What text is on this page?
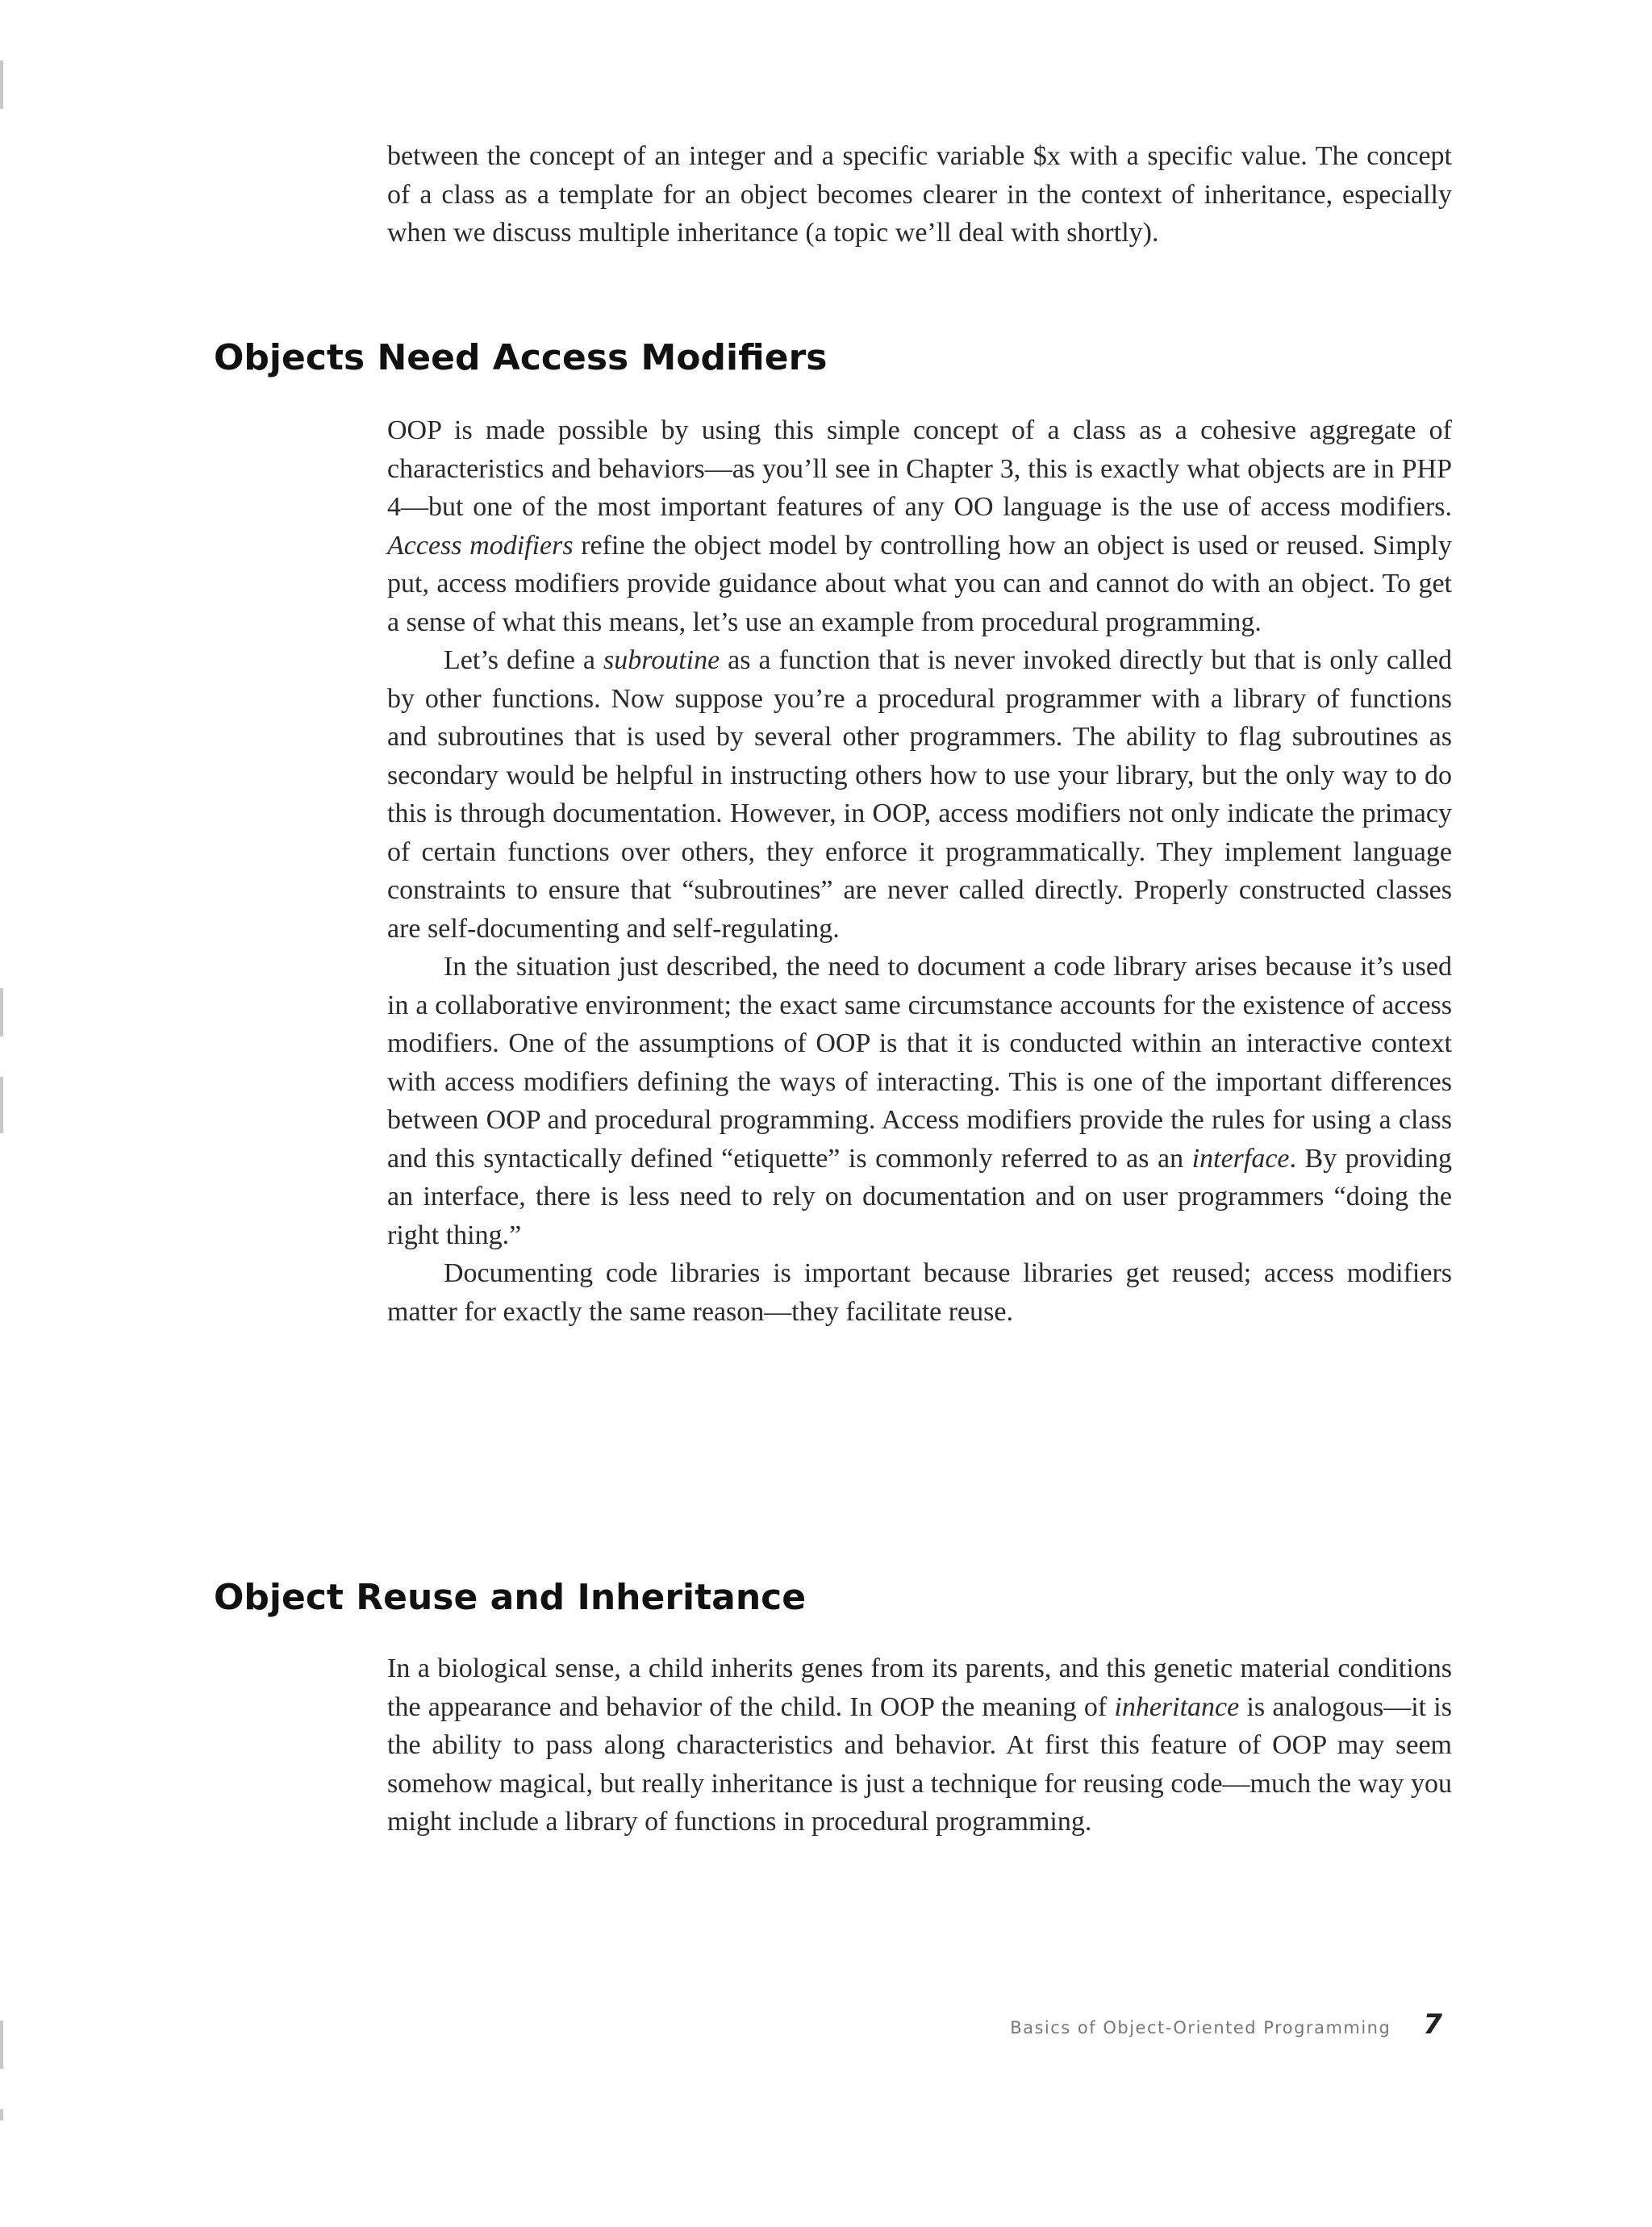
between the concept of an integer and a specific variable $x with a specific value. The concept of a class as a template for an object becomes clearer in the context of inheritance, especially when we discuss multiple inheritance (a topic we’ll deal with shortly).

Objects Need Access Modifiers

OOP is made possible by using this simple concept of a class as a cohesive aggregate of characteristics and behaviors—as you’ll see in Chapter 3, this is exactly what objects are in PHP 4—but one of the most important features of any OO language is the use of access modifiers. Access modifiers refine the object model by controlling how an object is used or reused. Simply put, access modifiers provide guidance about what you can and cannot do with an object. To get a sense of what this means, let’s use an example from procedural programming.

Let’s define a subroutine as a function that is never invoked directly but that is only called by other functions. Now suppose you’re a procedural programmer with a library of functions and subroutines that is used by several other programmers. The ability to flag subroutines as secondary would be helpful in instructing others how to use your library, but the only way to do this is through documentation. However, in OOP, access modifiers not only indicate the primacy of certain functions over others, they enforce it programmatically. They implement language constraints to ensure that “subroutines” are never called directly. Properly constructed classes are self-documenting and self-regulating.

In the situation just described, the need to document a code library arises because it’s used in a collaborative environment; the exact same circumstance accounts for the existence of access modifiers. One of the assumptions of OOP is that it is conducted within an interactive context with access modifiers defining the ways of interacting. This is one of the important differences between OOP and procedural programming. Access modifiers provide the rules for using a class and this syntactically defined “etiquette” is commonly referred to as an interface. By providing an interface, there is less need to rely on documentation and on user programmers “doing the right thing.”

Documenting code libraries is important because libraries get reused; access modifiers matter for exactly the same reason—they facilitate reuse.

Object Reuse and Inheritance

In a biological sense, a child inherits genes from its parents, and this genetic material conditions the appearance and behavior of the child. In OOP the meaning of inheritance is analogous—it is the ability to pass along characteristics and behavior. At first this feature of OOP may seem somehow magical, but really inheritance is just a technique for reusing code—much the way you might include a library of functions in procedural programming.

Basics of Object-Oriented Programming 7
